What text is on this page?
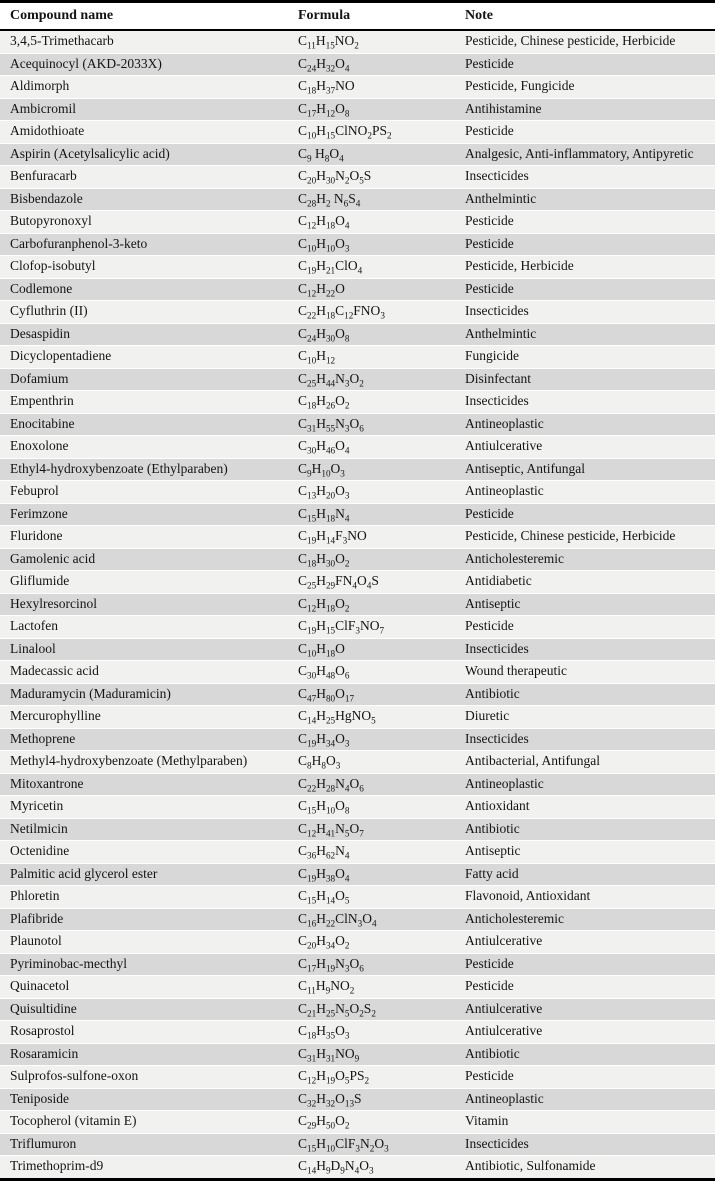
Compound name	Formula	Note
3,4,5-Trimethacarb	$C_{11}H_{15}NO_2$	Pesticide, Chinese pesticide, Herbicide
Acequinocyl (AKD-2033X)	$C_{24}H_{32}O_4$	Pesticide
Aldimorph	$C_{18}H_{37}NO$	Pesticide, Fungicide
Ambicromil	$C_{17}H_{12}O_8$	Antihistamine
Amidothioate	$C_{10}H_{15}ClNO_2PS_2$	Pesticide
Aspirin (Acetylsalicylic acid)	$C_9$ $H_8O_4$	Analgesic, Anti-inflammatory, Antipyretic
Benfuracarb	$C_{20}H_{30}N_2O_5S$	Insecticides
Bisbendazole	$C_{28}H_2$ $N_6S_4$	Anthelmintic
Butopyronoxyl	$C_{12}H_{18}O_4$	Pesticide
Carbofuranphenol-3-keto	$C_{10}H_{10}O_3$	Pesticide
Clofop-isobutyl	$C_{19}H_{21}ClO_4$	Pesticide, Herbicide
Codlemone	$C_{12}H_{22}O$	Pesticide
Cyfluthrin (II)	$C_{22}H_{18}C_{12}FNO_3$	Insecticides
Desaspidin	$C_{24}H_{30}O_8$	Anthelmintic
Dicyclopentadiene	$C_{10}H_{12}$	Fungicide
Dofamium	$C_{25}H_{44}N_3O_2$	Disinfectant
Empenthrin	$C_{18}H_{26}O_2$	Insecticides
Enocitabine	$C_{31}H_{55}N_3O_6$	Antineoplastic
Enoxolone	$C_{30}H_{46}O_4$	Antiulcerative
Ethyl4-hydroxybenzoate (Ethylparaben)	$C_9H_{10}O_3$	Antiseptic, Antifungal
Febuprol	$C_{13}H_{20}O_3$	Antineoplastic
Ferimzone	$C_{15}H_{18}N_4$	Pesticide
Fluridone	$C_{19}H_{14}F_3NO$	Pesticide, Chinese pesticide, Herbicide
Gamolenic acid	$C_{18}H_{30}O_2$	Anticholesteremic
Gliflumide	$C_{25}H_{29}FN_4O_4S$	Antidiabetic
Hexylresorcinol	$C_{12}H_{18}O_2$	Antiseptic
Lactofen	$C_{19}H_{15}ClF_3NO_7$	Pesticide
Linalool	$C_{10}H_{18}O$	Insecticides
Madecassic acid	$C_{30}H_{48}O_6$	Wound therapeutic
Maduramycin (Maduramicin)	$C_{47}H_{80}O_{17}$	Antibiotic
Mercurophylline	$C_{14}H_{25}HgNO_5$	Diuretic
Methoprene	$C_{19}H_{34}O_3$	Insecticides
Methyl4-hydroxybenzoate (Methylparaben)	$C_8H_8O_3$	Antibacterial, Antifungal
Mitoxantrone	$C_{22}H_{28}N_4O_6$	Antineoplastic
Myricetin	$C_{15}H_{10}O_8$	Antioxidant
Netilmicin	$C_{12}H_{41}N_5O_7$	Antibiotic
Octenidine	$C_{36}H_{62}N_4$	Antiseptic
Palmitic acid glycerol ester	$C_{19}H_{38}O_4$	Fatty acid
Phloretin	$C_{15}H_{14}O_5$	Flavonoid, Antioxidant
Plafibride	$C_{16}H_{22}ClN_3O_4$	Anticholesteremic
Plaunotol	$C_{20}H_{34}O_2$	Antiulcerative
Pyriminobac-mecthyl	$C_{17}H_{19}N_3O_6$	Pesticide
Quinacetol	$C_{11}H_9NO_2$	Pesticide
Quisultidine	$C_{21}H_{25}N_5O_2S_2$	Antiulcerative
Rosaprostol	$C_{18}H_{35}O_3$	Antiulcerative
Rosaramicin	$C_{31}H_{31}NO_9$	Antibiotic
Sulprofos-sulfone-oxon	$C_{12}H_{19}O_5PS_2$	Pesticide
Teniposide	$C_{32}H_{32}O_{13}S$	Antineoplastic
Tocopherol (vitamin E)	$C_{29}H_{50}O_2$	Vitamin
Triflumuron	$C_{15}H_{10}ClF_3N_2O_3$	Insecticides
Trimethoprim-d9	$C_{14}H_9D_9N_4O_3$	Antibiotic, Sulfonamide
